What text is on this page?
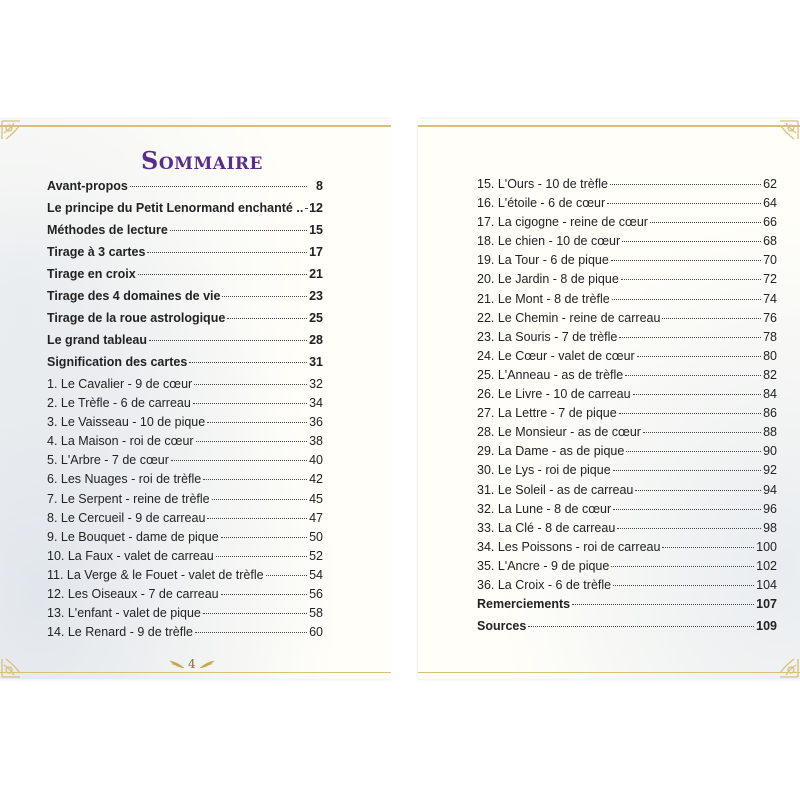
Sommaire
Avant-propos	8
Le principe du Petit Lenormand enchanté .. 12
Méthodes de lecture	15
Tirage à 3 cartes	17
Tirage en croix	21
Tirage des 4 domaines de vie	23
Tirage de la roue astrologique	25
Le grand tableau	28
Signification des cartes	31
1. Le Cavalier - 9 de cœur	32
2. Le Trèfle - 6 de carreau	34
3. Le Vaisseau - 10 de pique	36
4. La Maison - roi de cœur	38
5. L'Arbre - 7 de cœur	40
6. Les Nuages - roi de trèfle	42
7. Le Serpent - reine de trèfle	45
8. Le Cercueil - 9 de carreau	47
9. Le Bouquet - dame de pique	50
10. La Faux - valet de carreau	52
11. La Verge & le Fouet - valet de trèfle	54
12. Les Oiseaux - 7 de carreau	56
13. L'enfant - valet de pique	58
14. Le Renard - 9 de trèfle	60
4
15. L'Ours - 10 de trèfle	62
16. L'étoile - 6 de cœur	64
17. La cigogne - reine de cœur	66
18. Le chien - 10 de cœur	68
19. La Tour - 6 de pique	70
20. Le Jardin - 8 de pique	72
21. Le Mont - 8 de trèfle	74
22. Le Chemin - reine de carreau	76
23. La Souris - 7 de trèfle	78
24. Le Cœur - valet de cœur	80
25. L'Anneau - as de trèfle	82
26. Le Livre - 10 de carreau	84
27. La Lettre - 7 de pique	86
28. Le Monsieur - as de cœur	88
29. La Dame - as de pique	90
30. Le Lys - roi de pique	92
31. Le Soleil - as de carreau	94
32. La Lune - 8 de cœur	96
33. La Clé - 8 de carreau	98
34. Les Poissons - roi de carreau	100
35. L'Ancre - 9 de pique	102
36. La Croix - 6 de trèfle	104
Remerciements	107
Sources	109
